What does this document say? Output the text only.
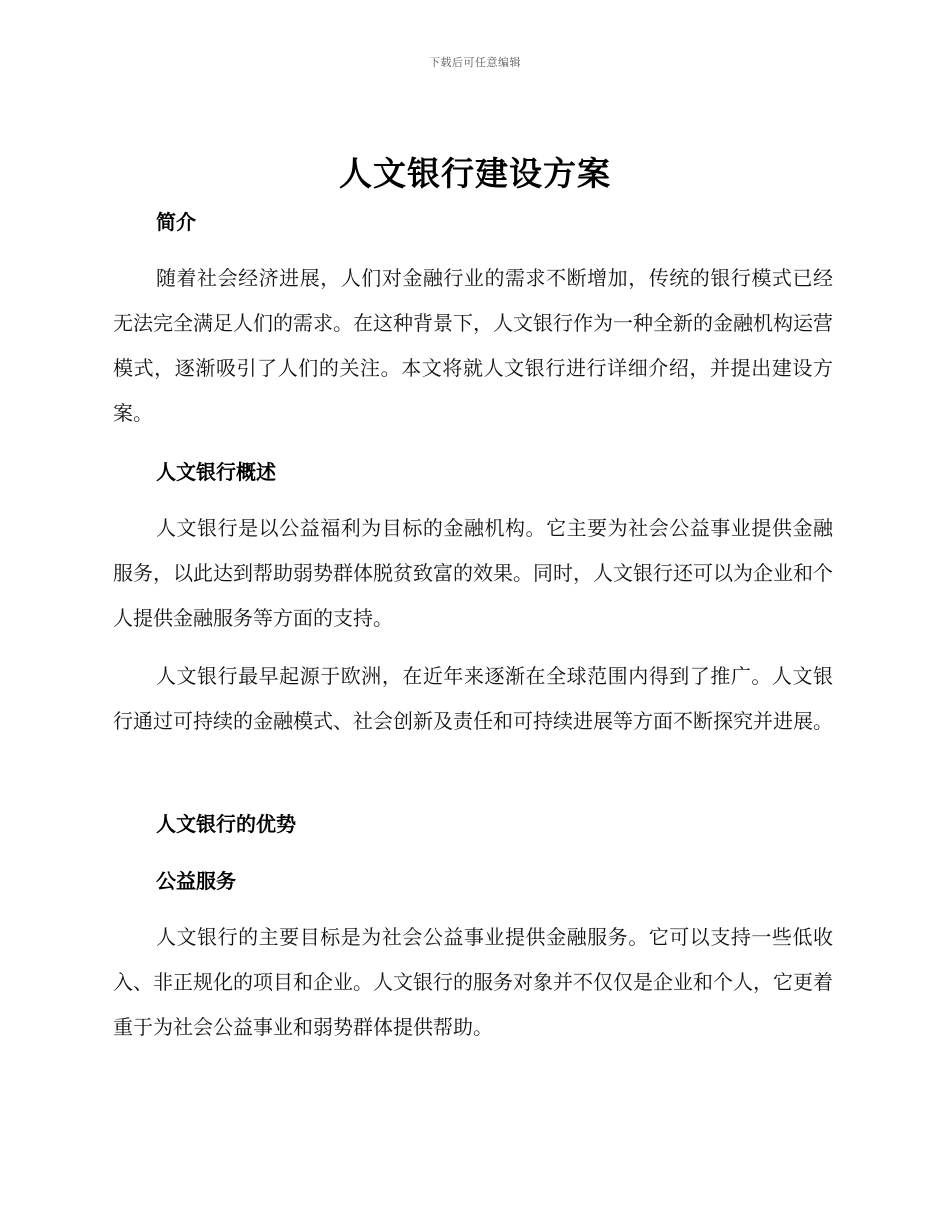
下载后可任意编辑
人文银行建设方案

简介

随着社会经济进展，人们对金融行业的需求不断增加，传统的银行模式已经无法完全满足人们的需求。在这种背景下，人文银行作为一种全新的金融机构运营模式，逐渐吸引了人们的关注。本文将就人文银行进行详细介绍，并提出建设方案。

人文银行概述

人文银行是以公益福利为目标的金融机构。它主要为社会公益事业提供金融服务，以此达到帮助弱势群体脱贫致富的效果。同时，人文银行还可以为企业和个人提供金融服务等方面的支持。

人文银行最早起源于欧洲，在近年来逐渐在全球范围内得到了推广。人文银行通过可持续的金融模式、社会创新及责任和可持续进展等方面不断探究并进展。

人文银行的优势

公益服务

人文银行的主要目标是为社会公益事业提供金融服务。它可以支持一些低收入、非正规化的项目和企业。人文银行的服务对象并不仅仅是企业和个人，它更着重于为社会公益事业和弱势群体提供帮助。
